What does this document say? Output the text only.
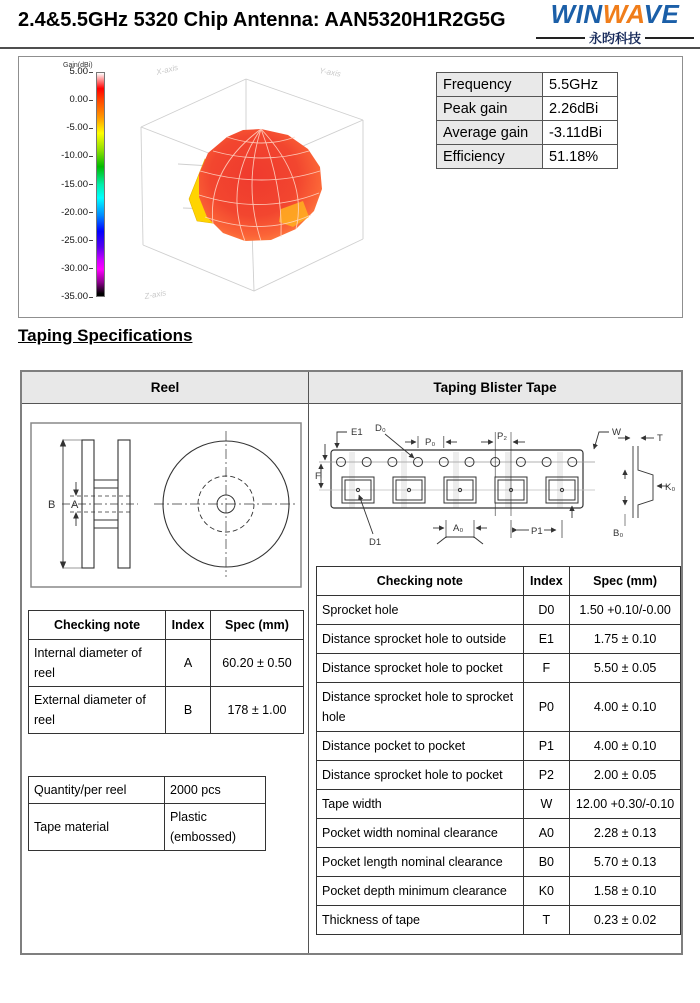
2.4&5.5GHz 5320 Chip Antenna: AAN5320H1R2G5G	WINWAVE
永昀科技
Gain(dBi)
5.00
0.00
-5.00
-10.00
-15.00
-20.00
-25.00
-30.00
-35.00
X-axis	Y-axis
Z-axis
Frequency	5.5GHz
Peak gain	2.26dBi
Average gain	-3.11dBi
Efficiency	51.18%
Taping Specifications
Reel	Taping Blister Tape
B A
Checking note	Index	Spec (mm)
Internal diameter of reel	A	60.20 ± 0.50
External diameter of reel	B	178 ± 1.00
Quantity/per reel	2000 pcs
Tape material	Plastic (embossed)
E1
F
D₀
P₀
P₂	W
D1
A₀	P1
T
K₀
B₀
Checking note	Index	Spec (mm)
Sprocket hole	D0	1.50 +0.10/-0.00
Distance sprocket hole to outside	E1	1.75 ± 0.10
Distance sprocket hole to pocket	F	5.50 ± 0.05
Distance sprocket hole to sprocket hole	P0	4.00 ± 0.10
Distance pocket to pocket	P1	4.00 ± 0.10
Distance sprocket hole to pocket	P2	2.00 ± 0.05
Tape width	W	12.00 +0.30/-0.10
Pocket width nominal clearance	A0	2.28 ± 0.13
Pocket length nominal clearance	B0	5.70 ± 0.13
Pocket depth minimum clearance	K0	1.58 ± 0.10
Thickness of tape	T	0.23 ± 0.02
